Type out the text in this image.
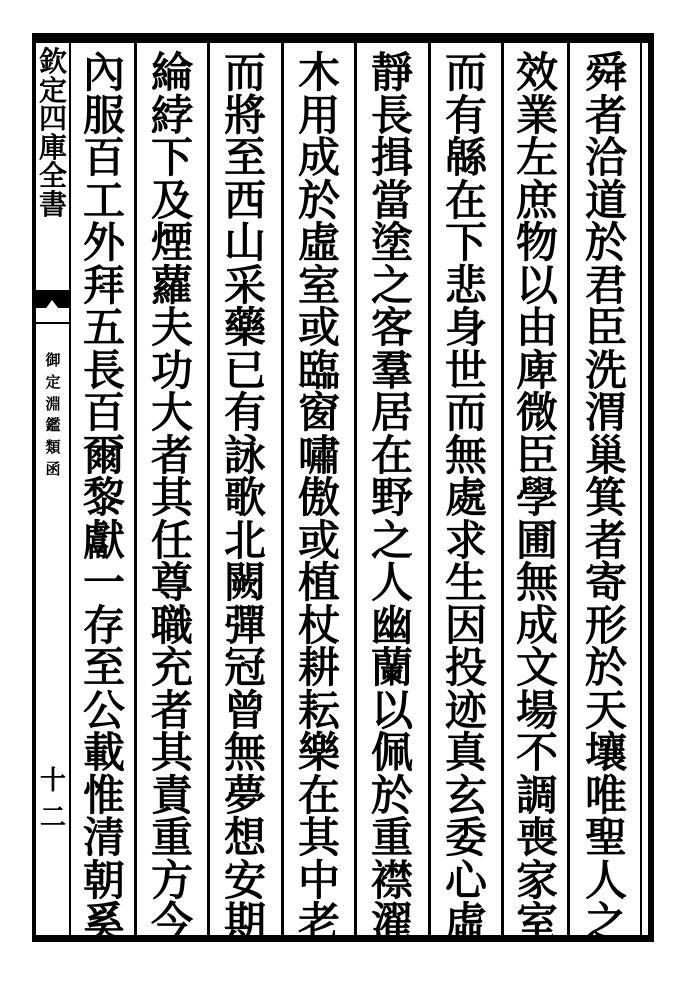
欽
定
四
庫
全
書
御
定
淵
鑑
類
函
十二
舜
者
洽
道
於
君
臣
洗
渭
巢
箕
者
寄
形
於
天
壤
唯
聖
人
之
效
業
左
庶
物
以
由
庳
微
臣
學
圃
無
成
文
場
不
調
喪
家
室
而
有
緜
在
下
悲
身
世
而
無
處
求
生
因
投
迹
真
玄
委
心
虛
靜
長
揖
當
塗
之
客
羣
居
在
野
之
人
幽
蘭
以
佩
於
重
襟
濯
木
用
成
於
虛
室
或
臨
窗
嘯
傲
或
植
杖
耕
耘
樂
在
其
中
老
而
將
至
西
山
采
藥
已
有
詠
歌
北
闕
彈
冠
曾
無
夢
想
安
期
綸
綍
下
及
煙
蘿
夫
功
大
者
其
任
尊
職
充
者
其
責
重
方
今
內
服
百
工
外
拜
五
長
百
爾
黎
獻
一
存
至
公
載
惟
清
朝
奚
